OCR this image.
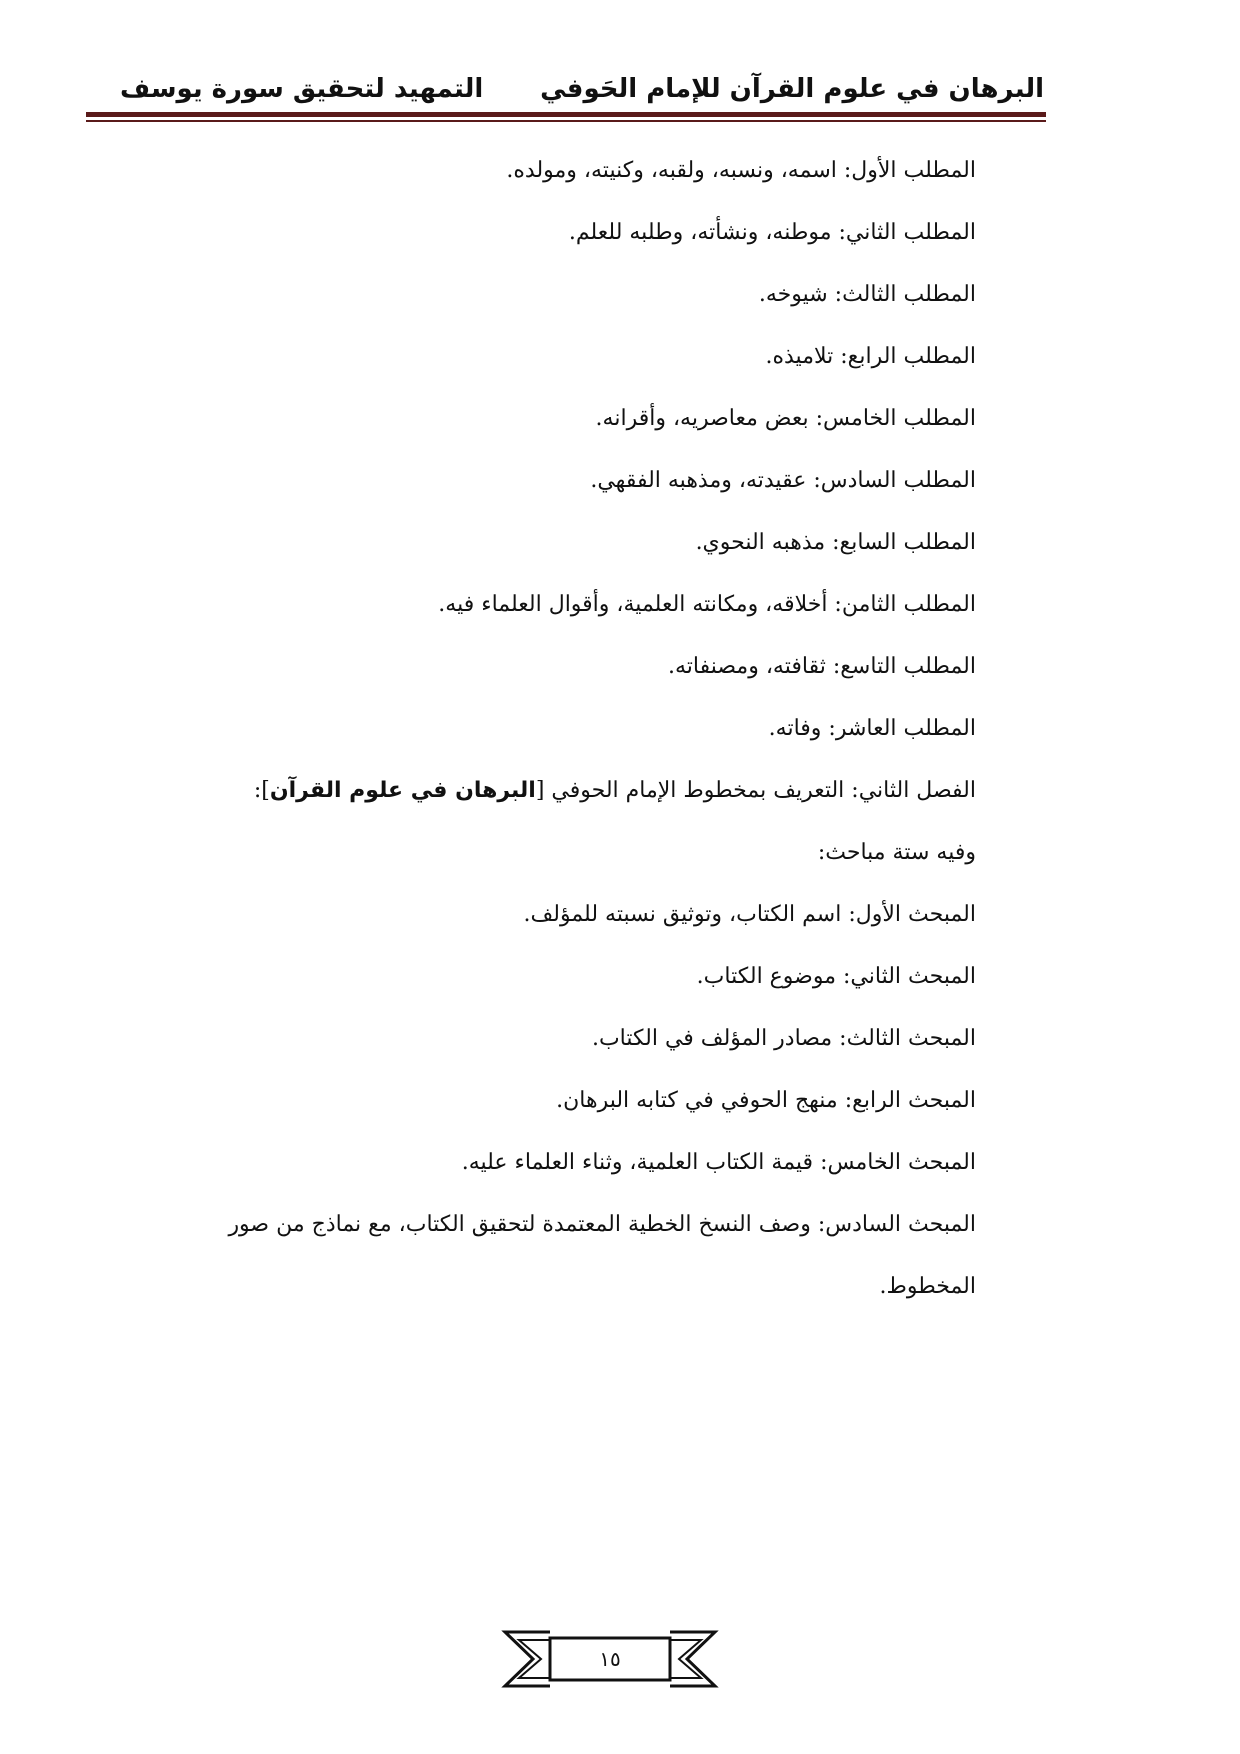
البرهان في علوم القرآن للإمام الحَوفي
التمهيد لتحقيق سورة يوسف
المطلب الأول: اسمه، ونسبه، ولقبه، وكنيته، ومولده.
المطلب الثاني: موطنه، ونشأته، وطلبه للعلم.
المطلب الثالث: شيوخه.
المطلب الرابع: تلاميذه.
المطلب الخامس: بعض معاصريه، وأقرانه.
المطلب السادس: عقيدته، ومذهبه الفقهي.
المطلب السابع: مذهبه النحوي.
المطلب الثامن: أخلاقه، ومكانته العلمية، وأقوال العلماء فيه.
المطلب التاسع: ثقافته، ومصنفاته.
المطلب العاشر: وفاته.
الفصل الثاني: التعريف بمخطوط الإمام الحوفي [البرهان في علوم القرآن]:
وفيه ستة مباحث:
المبحث الأول: اسم الكتاب، وتوثيق نسبته للمؤلف.
المبحث الثاني: موضوع الكتاب.
المبحث الثالث: مصادر المؤلف في الكتاب.
المبحث الرابع: منهج الحوفي في كتابه البرهان.
المبحث الخامس: قيمة الكتاب العلمية، وثناء العلماء عليه.
المبحث السادس: وصف النسخ الخطية المعتمدة لتحقيق الكتاب، مع نماذج من صور المخطوط.
١٥
